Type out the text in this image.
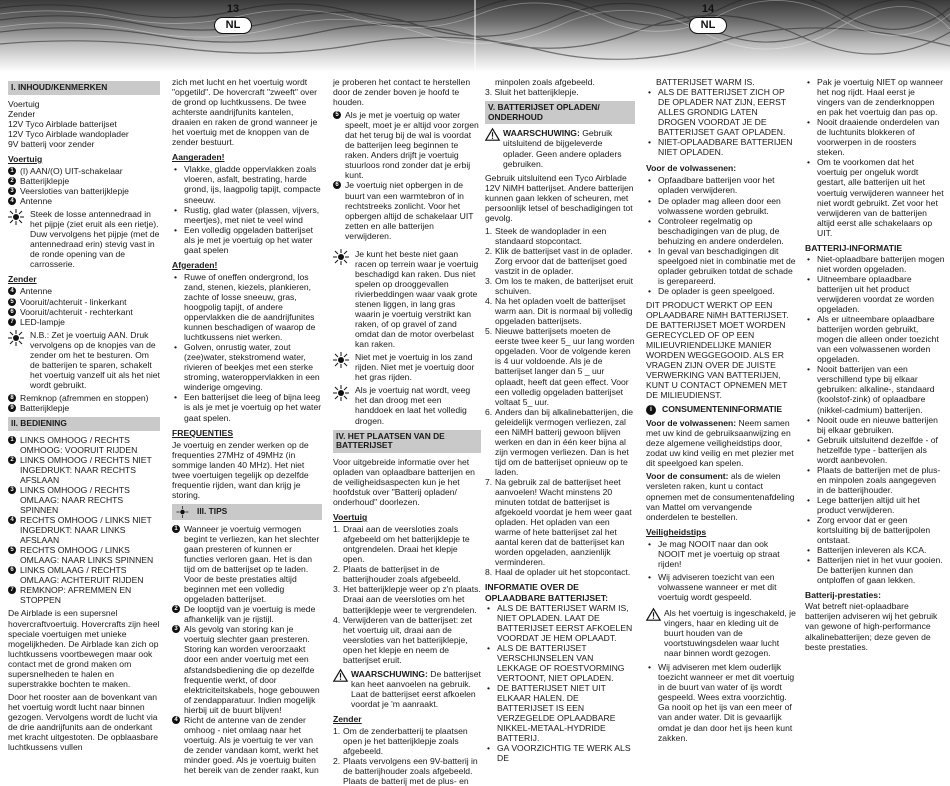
13	14
NL	NL
I. INHOUD/KENMERKEN
Voertuig
Zender
12V Tyco Airblade batterijset
12V Tyco Airblade wandoplader
9V batterij voor zender
Voertuig
1 (I) AAN/(O) UIT-schakelaar
2 Batterijklepje
3 Veersloties van batterijklepje
4 Antenne
Steek de losse antennedraad in het pijpje (ziet eruit als een rietje). Duw vervolgens het pijpje (met de antennedraad erin) stevig vast in de ronde opening van de carrosserie.
Zender
4 Antenne
5 Vooruit/achteruit - linkerkant
6 Vooruit/achteruit - rechterkant
7 LED-lampje
N.B.: Zet je voertuig AAN. Druk vervolgens op de knopjes van de zender om het te besturen. Om de batterijen te sparen, schakelt het voertuig vanzelf uit als het niet wordt gebruikt.
8 Remknop (afremmen en stoppen)
9 Batterijklepje
II. BEDIENING
1 LINKS OMHOOG / RECHTS OMHOOG: VOORUIT RIJDEN
2 LINKS OMHOOG / RECHTS NIET INGEDRUKT: NAAR RECHTS AFSLAAN
3 LINKS OMHOOG / RECHTS OMLAAG: NAAR RECHTS SPINNEN
4 RECHTS OMHOOG / LINKS NIET INGEDRUKT: NAAR LINKS AFSLAAN
5 RECHTS OMHOOG / LINKS OMLAAG: NAAR LINKS SPINNEN
6 LINKS OMLAAG / RECHTS OMLAAG: ACHTERUIT RIJDEN
7 REMKNOP: AFREMMEN EN STOPPEN

De Airblade is een supersnel hovercraftvoertuig. Hovercrafts zijn heel speciale voertuigen met unieke mogelijkheden. De Airblade kan zich op luchtkussens voortbewegen maar ook contact met de grond maken om supersnelheden te halen en superstrakke bochten te maken.

Door het rooster aan de bovenkant van het voertuig wordt lucht naar binnen gezogen. Vervolgens wordt de lucht via de drie aandrijfunits aan de onderkant met kracht uitgestoten. De opblaasbare luchtkussens vullen

zich met lucht en het voertuig wordt "opgetild". De hovercraft "zweeft" over de grond op luchtkussens. De twee achterste aandrijfunits kantelen, draaien en raken de grond wanneer je het voertuig met de knoppen van de zender bestuurt.

Aangeraden!
• Vlakke, gladde oppervlakken zoals vloeren, asfalt, bestrating, harde grond, ijs, laagpolig tapijt, compacte sneeuw.
• Rustig, glad water (plassen, vijvers, meertjes), met niet te veel wind
• Een volledig opgeladen batterijset als je met je voertuig op het water gaat spelen
Afgeraden!
• Ruwe of oneffen ondergrond, los zand, stenen, kiezels, plankieren, zachte of losse sneeuw, gras, hoogpolig tapijt, of andere oppervlakken die de aandrijfunites kunnen beschadigen of waarop de luchtkussens niet werken.
• Golven, onrustig water, zout (zee)water, stekstromend water, rivieren of beekjes met een sterke stroming, wateroppervlakken in een winderige omgeving.
• Een batterijset die leeg of bijna leeg is als je met je voertuig op het water gaat spelen.
FREQUENTIES

Je voertuig en zender werken op de frequenties 27MHz of 49MHz (in sommige landen 40 MHz). Het niet twee voertuigen tegelijk op dezelfde frequentie rijden, want dan krijg je storing.

III. TIPS
1 Wanneer je voertuig vermogen begint te verliezen, kan het slechter gaan presteren of kunnen er functies verloren gaan. Het is dan tijd om de batterijset op te laden. Voor de beste prestaties altijd beginnen met een volledig opgeladen batterijset.
2 De looptijd van je voertuig is mede afhankelijk van je rijstijl.
3 Als gevolg van storing kan je voertuig slechter gaan presteren. Storing kan worden veroorzaakt door een ander voertuig met een afstandsbediening die op dezelfde frequentie werkt, of door elektriciteitskabels, hoge gebouwen of zendapparatuur. Indien mogelijk hierbij uit de buurt blijven!
4 Richt de antenne van de zender omhoog - niet omlaag naar het voertuig. Als je voertuig te ver van de zender vandaan komt, werkt het minder goed. Als je voertuig buiten het bereik van de zender raakt, kun

je proberen het contact te herstellen door de zender boven je hoofd te houden.

5 Als je met je voertuig op water speelt, moet je er altijd voor zorgen dat het terug bij de wal is voordat de batterijen leeg beginnen te raken. Anders drijft je voertuig stuurloos rond zonder dat je erbij kunt.
6 Je voertuig niet opbergen in de buurt van een warmtebron of in rechtstreeks zonlicht. Voor het opbergen altijd de schakelaar UIT zetten en alle batterijen verwijderen.
Je kunt het beste niet gaan racen op terrein waar je voertuig beschadigd kan raken. Dus niet spelen op drooggevallen rivierbeddingen waar vaak grote stenen liggen, in lang gras waarin je voertuig verstrikt kan raken, of op gravel of zand omdat dan de motor overbelast kan raken.
Niet met je voertuig in los zand rijden. Niet met je voertuig door het gras rijden.
Als je voertuig nat wordt, veeg het dan droog met een handdoek en laat het volledig drogen.
IV. HET PLAATSEN VAN DE BATTERIJSET

Voor uitgebreide informatie over het opladen van oplaadbare batterijen en de veiligheidsaspecten kun je het hoofdstuk over "Batterij opladen/ onderhoud" doorlezen.

Voertuig
1. Draai aan de veersloties zoals afgebeeld om het batterijklepje te ontgrendelen. Draai het klepje open.
2. Plaats de batterijset in de batterijhouder zoals afgebeeld.
3. Het batterijklepje weer op z'n plaats. Draai aan de veersloties om het batterijklepje weer te vergrendelen.
4. Verwijderen van de batterijset: zet het voertuig uit, draai aan de veersloties van het batterijklepje, open het klepje en neem de batterijset eruit.
WAARSCHUWING: De batterijset kan heet aanvoelen na gebruik. Laat de batterijset eerst afkoelen voordat je 'm aanraakt.
Zender
1. Om de zenderbatterij te plaatsen open je het batterijklepje zoals afgebeeld.
2. Plaats vervolgens een 9V-batterij in de batterijhouder zoals afgebeeld. Plaats de batterij met de plus- en

minpolen zoals afgebeeld.

3. Sluit het batterijklepje.

V. BATTERIJSET OPLADEN/ ONDERHOUD
WAARSCHUWING: Gebruik uitsluitend de bijgeleverde oplader. Geen andere opladers gebruiken.

Gebruik uitsluitend een Tyco Airblade 12V NiMH batterijset. Andere batterijen kunnen gaan lekken of scheuren, met persoonlijk letsel of beschadigingen tot gevolg.

1. Steek de wandoplader in een standaard stopcontact.
2. Klik de batterijset vast in de oplader. Zorg ervoor dat de batterijset goed vastzit in de oplader.
3. Om los te maken, de batterijset eruit schuiven.
4. Na het opladen voelt de batterijset warm aan. Dit is normaal bij volledig opgeladen batterijsets.
5. Nieuwe batterijsets moeten de eerste twee keer 5_ uur lang worden opgeladen. Voor de volgende keren is 4 uur voldoende. Als je de batterijset langer dan 5 _ uur oplaadt, heeft dat geen effect. Voor een volledig opgeladen batterijset voltaat 5_ uur.
6. Anders dan bij alkalinebatterijen, die geleidelijk vermogen verliezen, zal een NiMH batterij gewoon blijven werken en dan in één keer bijna al zijn vermogen verliezen. Dan is het tijd om de batterijset opnieuw op te laden.
7. Na gebruik zal de batterijset heet aanvoelen! Wacht minstens 20 minuten totdat de batterijset is afgekoeld voordat je hem weer gaat opladen. Het opladen van een warme of hete batterijset zal het aantal keren dat de batterijset kan worden opgeladen, aanzienlijk verminderen.
8. Haal de oplader uit het stopcontact.
INFORMATIE OVER DE OPLAADBARE BATTERIJSET:
• ALS DE BATTERIJSET WARM IS, NIET OPLADEN. LAAT DE BATTERIJSET EERST AFKOELEN VOORDAT JE HEM OPLAADT.
• ALS DE BATTERIJSET VERSCHIJNSELEN VAN LEKKAGE OF ROESTVORMING VERTOONT, NIET OPLADEN.
• DE BATTERIJSET NIET UIT ELKAAR HALEN. DE BATTERIJSET IS EEN VERZEGELDE OPLAADBARE NIKKEL-METAAL-HYDRIDE BATTERIJ.
• GA VOORZICHTIG TE WERK ALS DE

BATTERIJSET WARM IS.

• ALS DE BATTERIJSET ZICH OP DE OPLADER NAT ZIJN, EERST ALLES GRONDIG LATEN DROGEN VOORDAT JE DE BATTERIJSET GAAT OPLADEN.
• NIET-OPLAADBARE BATTERIJEN NIET OPLADEN.
Voor de volwassenen:
• Opfaadbare batterijen voor het opladen verwijderen.
• De oplader mag alleen door een volwassene worden gebruikt.
• Controleer regelmatig op beschadigingen van de plug, de behuizing en andere onderdelen.
• In geval van beschadigingen dit speelgoed niet in combinatie met de oplader gebruiken totdat de schade is gerepareerd.
• De oplader is geen speelgoed.

DIT PRODUCT WERKT OP EEN OPLAADBARE NiMH BATTERIJSET. DE BATTERIJSET MOET WORDEN GERECYCLED OF OP EEN MILIEUVRIENDELIJKE MANIER WORDEN WEGGEGOOID. ALS ER VRAGEN ZIJN OVER DE JUISTE VERWERKING VAN BATTERIJEN, KUNT U CONTACT OPNEMEN MET DE MILIEUDIENST.

i CONSUMENTENINFORMATIE

Voor de volwassenen: Neem samen met uw kind de gebruiksaanwijzing en deze algemene veiligheidstips door, zodat uw kind veilig en met plezier met dit speelgoed kan spelen.

Voor de consument: als de wielen versleten raken, kunt u contact opnemen met de consumentenafdeling van Mattel om vervangende onderdelen te bestellen.

Veiligheidstips
• Je mag NOOIT naar dan ook NOOIT met je voertuig op straat rijden!
• Wij adviseren toezicht van een volwassene wanneer er met dit voertuig wordt gespeeld.
Als het voertuig is ingeschakeld, je vingers, haar en kleding uit de buurt houden van de voortstuwingsdelen waar lucht naar binnen wordt gezogen.
• Wij adviseren met klem ouderlijk toezicht wanneer er met dit voertuig in de buurt van water of ijs wordt gespeeld. Wees extra voorzichtig. Ga nooit op het ijs van een meer of van ander water. Dit is gevaarlijk omdat je dan door het ijs heen kunt zakken.
• Pak je voertuig NIET op wanneer het nog rijdt. Haal eerst je vingers van de zenderknoppen en pak het voertuig dan pas op.
• Nooit draaiende onderdelen van de luchtunits blokkeren of voorwerpen in de roosters steken.
• Om te voorkomen dat het voertuig per ongeluk wordt gestart, alle batterijen uit het voertuig verwijderen wanneer het niet wordt gebruikt. Zet voor het verwijderen van de batterijen altijd eerst alle schakelaars op UIT.
BATTERIJ-INFORMATIE
• Niet-oplaadbare batterijen mogen niet worden opgeladen.
• Uitneembare oplaadbare batterijen uit het product verwijderen voordat ze worden opgeladen.
• Als er uitneembare oplaadbare batterijen worden gebruikt, mogen die alleen onder toezicht van een volwassenen worden opgeladen.
• Nooit batterijen van een verschillend type bij elkaar gebruiken: alkaline-, standaard (koolstof-zink) of oplaadbare (nikkel-cadmium) batterijen.
• Nooit oude en nieuwe batterijen bij elkaar gebruiken.
• Gebruik uitsluitend dezelfde - of hetzelfde type - batterijen als wordt aanbevolen.
• Plaats de batterijen met de plus- en minpolen zoals aangegeven in de batterijhouder.
• Lege batterijen altijd uit het product verwijderen.
• Zorg ervoor dat er geen kortsluiting bij de batterijpolen ontstaat.
• Batterijen inleveren als KCA.
• Batterijen niet in het vuur gooien. De batterijen kunnen dan ontploffen of gaan lekken.
Batterij-prestaties:

Wat betreft niet-oplaadbare batterijen adviseren wij het gebruik van gewone of high-performance alkalinebatterijen; deze geven de beste prestaties.
